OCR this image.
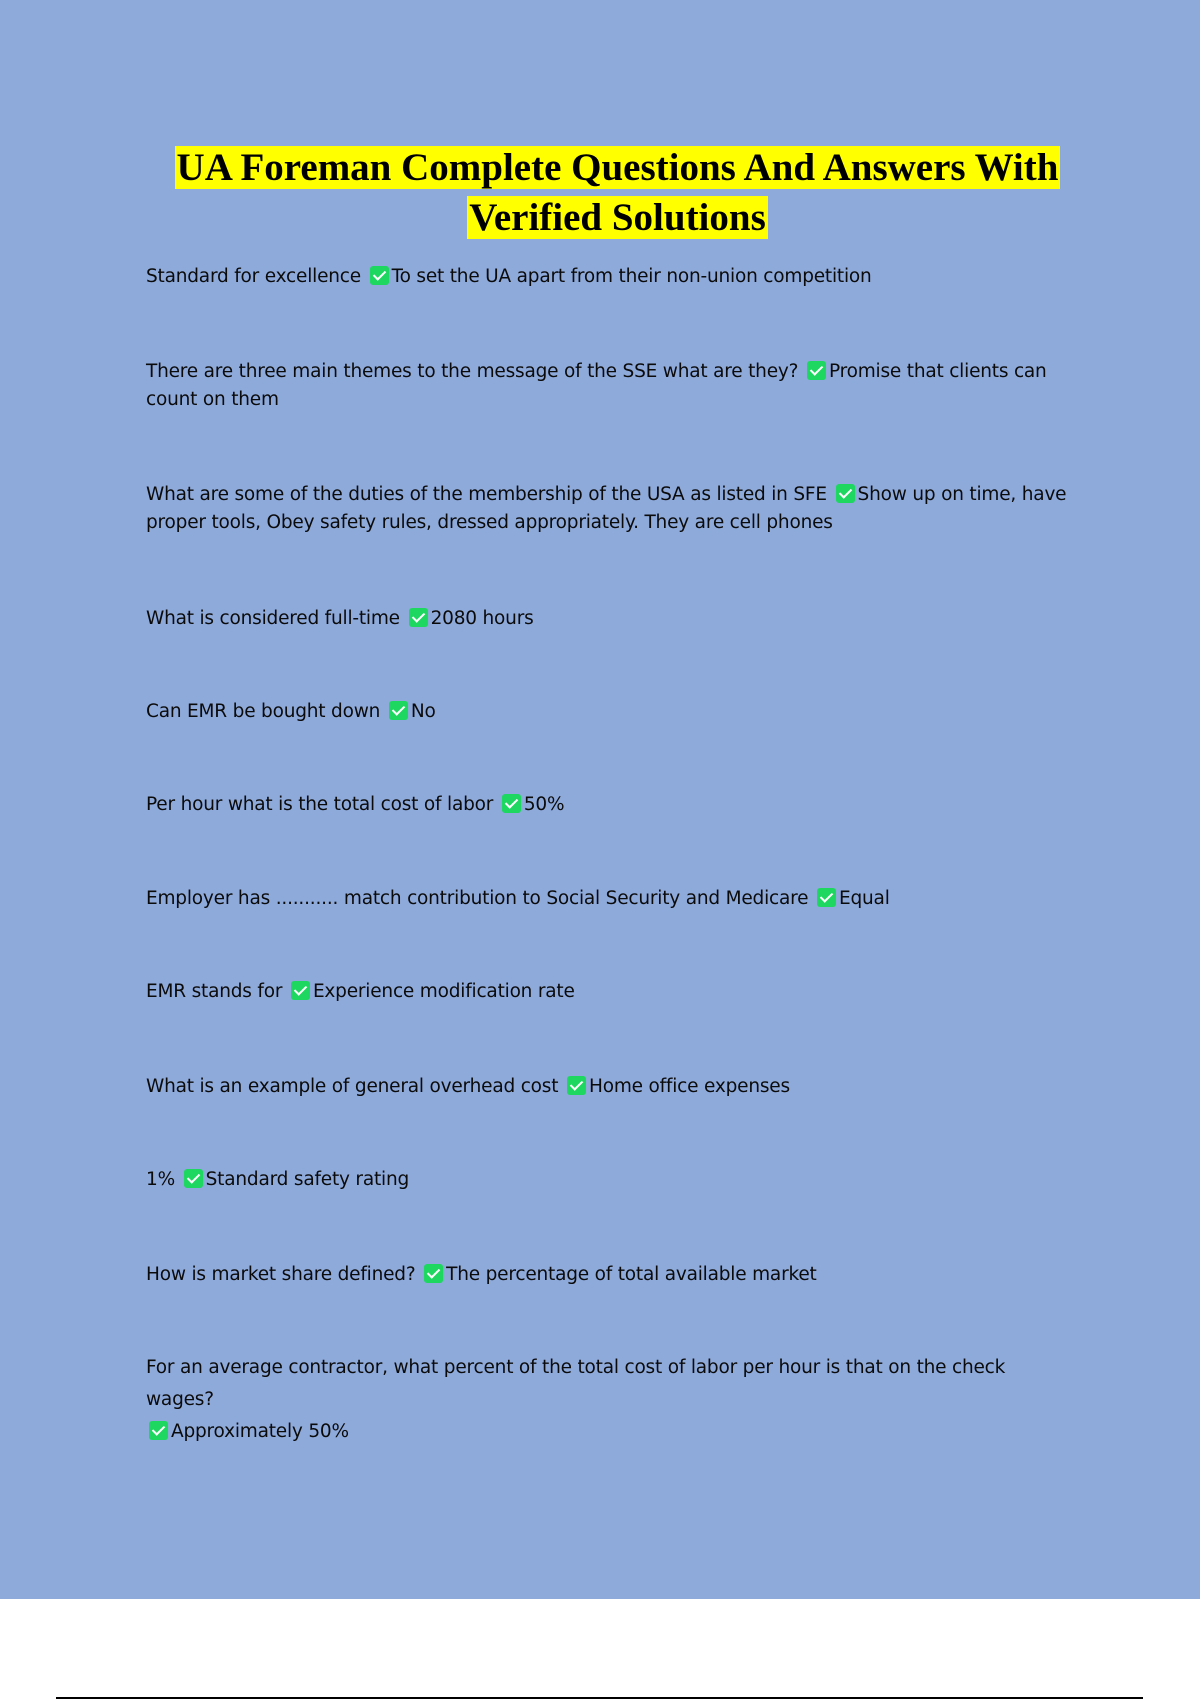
UA Foreman Complete Questions And Answers With
Verified Solutions
Standard for excellence To set the UA apart from their non-union competition
There are three main themes to the message of the SSE what are they? Promise that clients can count on them
What are some of the duties of the membership of the USA as listed in SFE Show up on time, have proper tools, Obey safety rules, dressed appropriately. They are cell phones
What is considered full-time 2080 hours
Can EMR be bought down No
Per hour what is the total cost of labor 50%
Employer has ........... match contribution to Social Security and Medicare Equal
EMR stands for Experience modification rate
What is an example of general overhead cost Home office expenses
1% Standard safety rating
How is market share defined? The percentage of total available market
For an average contractor, what percent of the total cost of labor per hour is that on the check wages?
Approximately 50%
